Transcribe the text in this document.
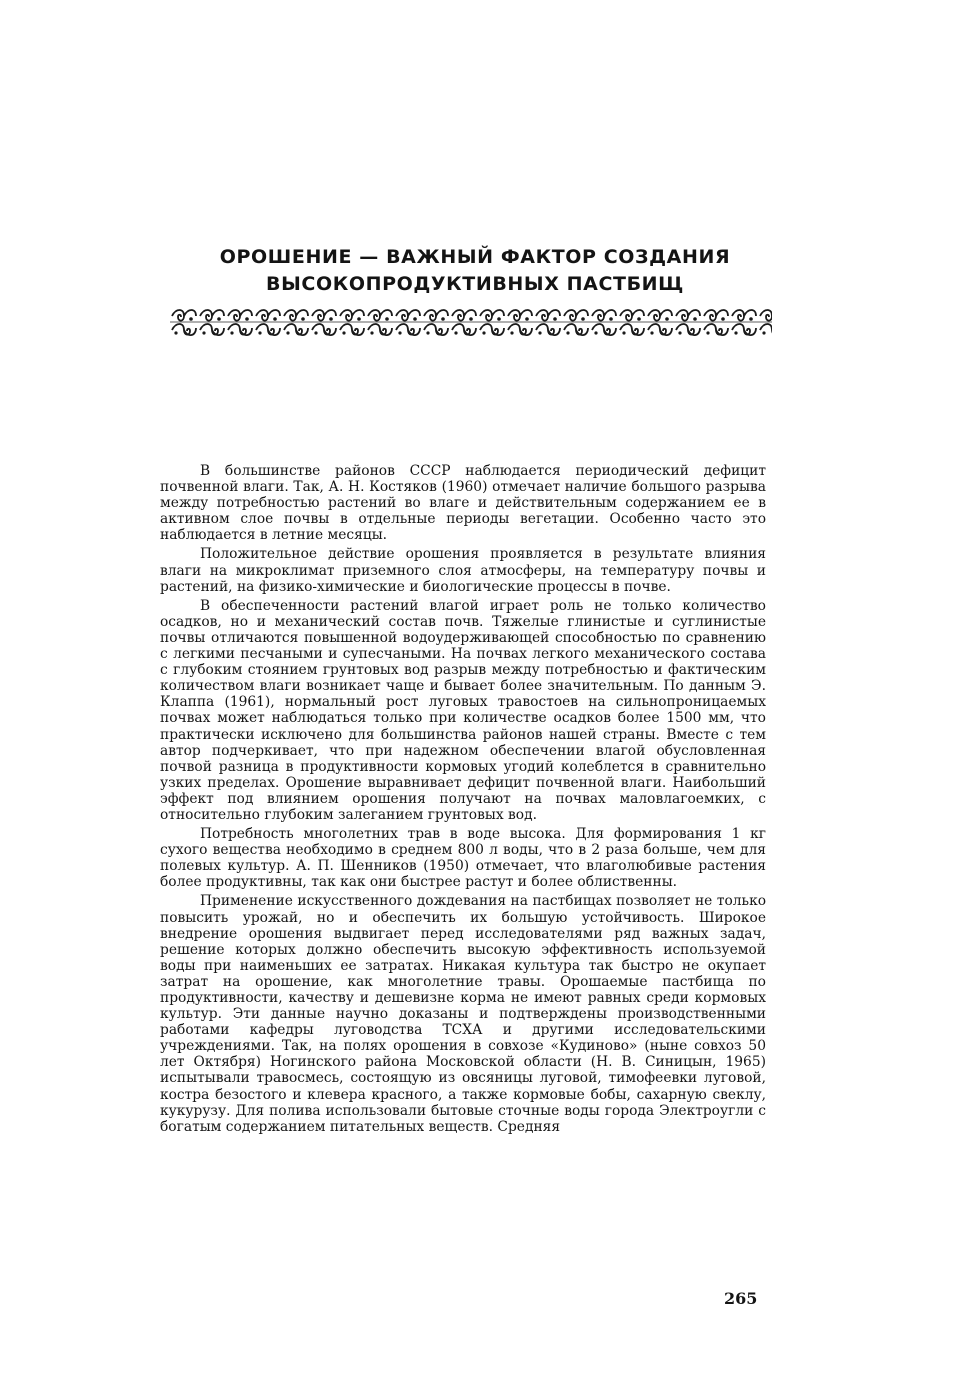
ОРОШЕНИЕ — ВАЖНЫЙ ФАКТОР СОЗДАНИЯ
ВЫСОКОПРОДУКТИВНЫХ ПАСТБИЩ

В большинстве районов СССР наблюдается периодический дефицит почвенной влаги. Так, А. Н. Костяков (1960) отмечает наличие большого разрыва между потребностью растений во влаге и действительным содержанием ее в активном слое почвы в отдельные периоды вегетации. Особенно часто это наблюдается в летние месяцы.

Положительное действие орошения проявляется в результате влияния влаги на микроклимат приземного слоя атмосферы, на температуру почвы и растений, на физико-химические и биологические процессы в почве.

В обеспеченности растений влагой играет роль не только количество осадков, но и механический состав почв. Тяжелые глинистые и суглинистые почвы отличаются повышенной водоудерживающей способностью по сравнению с легкими песчаными и супесчаными. На почвах легкого механического состава с глубоким стоянием грунтовых вод разрыв между потребностью и фактическим количеством влаги возникает чаще и бывает более значительным. По данным Э. Клаппа (1961), нормальный рост луговых травостоев на сильнопроницаемых почвах может наблюдаться только при количестве осадков более 1500 мм, что практически исключено для большинства районов нашей страны. Вместе с тем автор подчеркивает, что при надежном обеспечении влагой обусловленная почвой разница в продуктивности кормовых угодий колеблется в сравнительно узких пределах. Орошение выравнивает дефицит почвенной влаги. Наибольший эффект под влиянием орошения получают на почвах маловлагоемких, с относительно глубоким залеганием грунтовых вод.

Потребность многолетних трав в воде высока. Для формирования 1 кг сухого вещества необходимо в среднем 800 л воды, что в 2 раза больше, чем для полевых культур. А. П. Шенников (1950) отмечает, что влаголюбивые растения более продуктивны, так как они быстрее растут и более облиственны.

Применение искусственного дождевания на пастбищах позволяет не только повысить урожай, но и обеспечить их большую устойчивость. Широкое внедрение орошения выдвигает перед исследователями ряд важных задач, решение которых должно обеспечить высокую эффективность используемой воды при наименьших ее затратах. Никакая культура так быстро не окупает затрат на орошение, как многолетние травы. Орошаемые пастбища по продуктивности, качеству и дешевизне корма не имеют равных среди кормовых культур. Эти данные научно доказаны и подтверждены производственными работами кафедры луговодства ТСХА и другими исследовательскими учреждениями. Так, на полях орошения в совхозе «Кудиново» (ныне совхоз 50 лет Октября) Ногинского района Московской области (Н. В. Синицын, 1965) испытывали травосмесь, состоящую из овсяницы луговой, тимофеевки луговой, костра безостого и клевера красного, а также кормовые бобы, сахарную свеклу, кукурузу. Для полива использовали бытовые сточные воды города Электроугли с богатым содержанием питательных веществ. Средняя

265
